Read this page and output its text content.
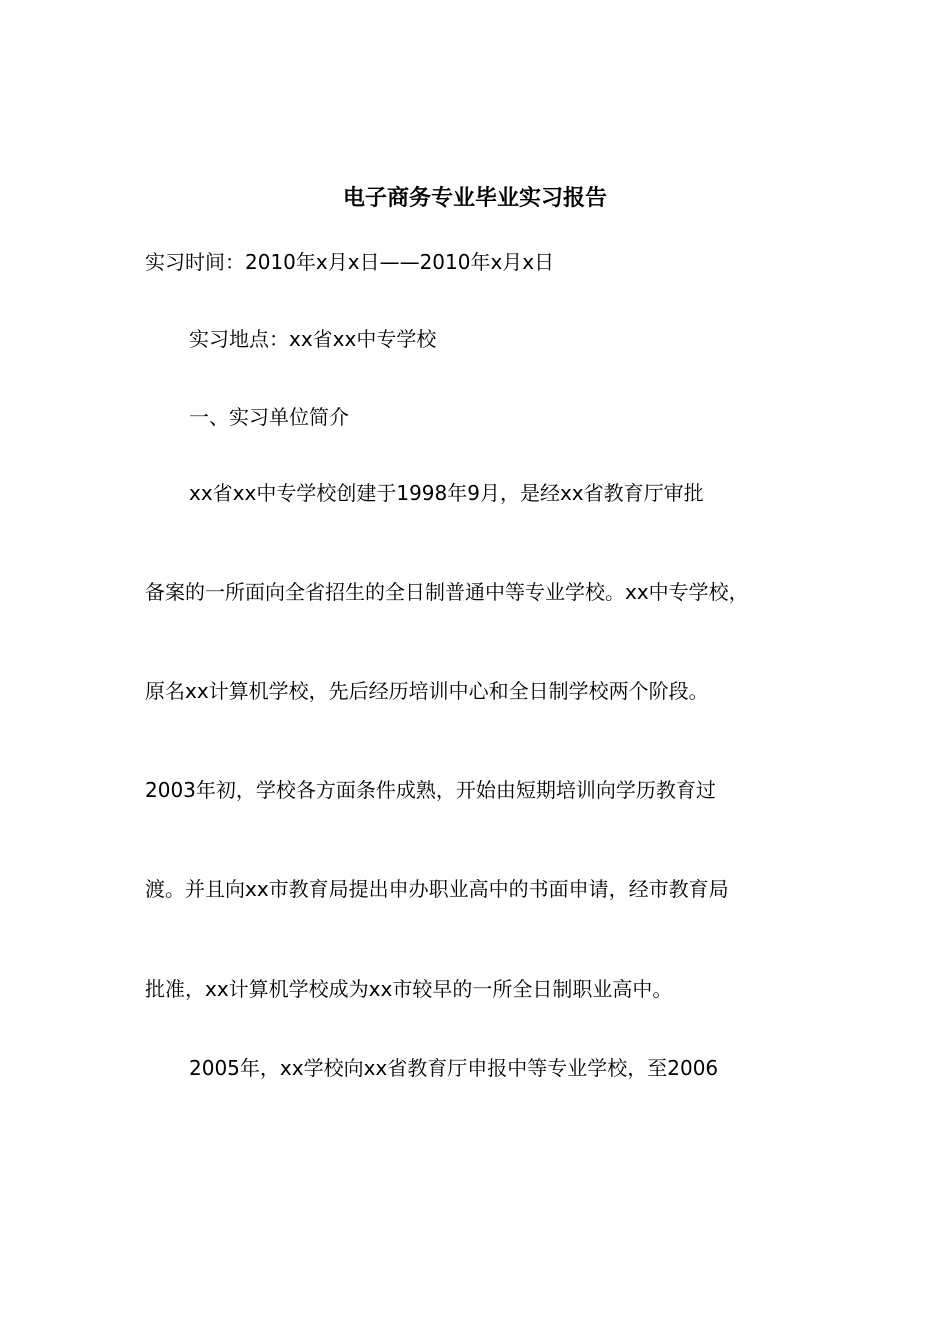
电子商务专业毕业实习报告
实习时间：2010年x月x日——2010年x月x日
实习地点：xx省xx中专学校
一、实习单位简介
xx省xx中专学校创建于1998年9月，是经xx省教育厅审批
备案的一所面向全省招生的全日制普通中等专业学校。xx中专学校，
原名xx计算机学校，先后经历培训中心和全日制学校两个阶段。
2003年初，学校各方面条件成熟，开始由短期培训向学历教育过
渡。并且向xx市教育局提出申办职业高中的书面申请，经市教育局
批准，xx计算机学校成为xx市较早的一所全日制职业高中。
2005年，xx学校向xx省教育厅申报中等专业学校，至2006
